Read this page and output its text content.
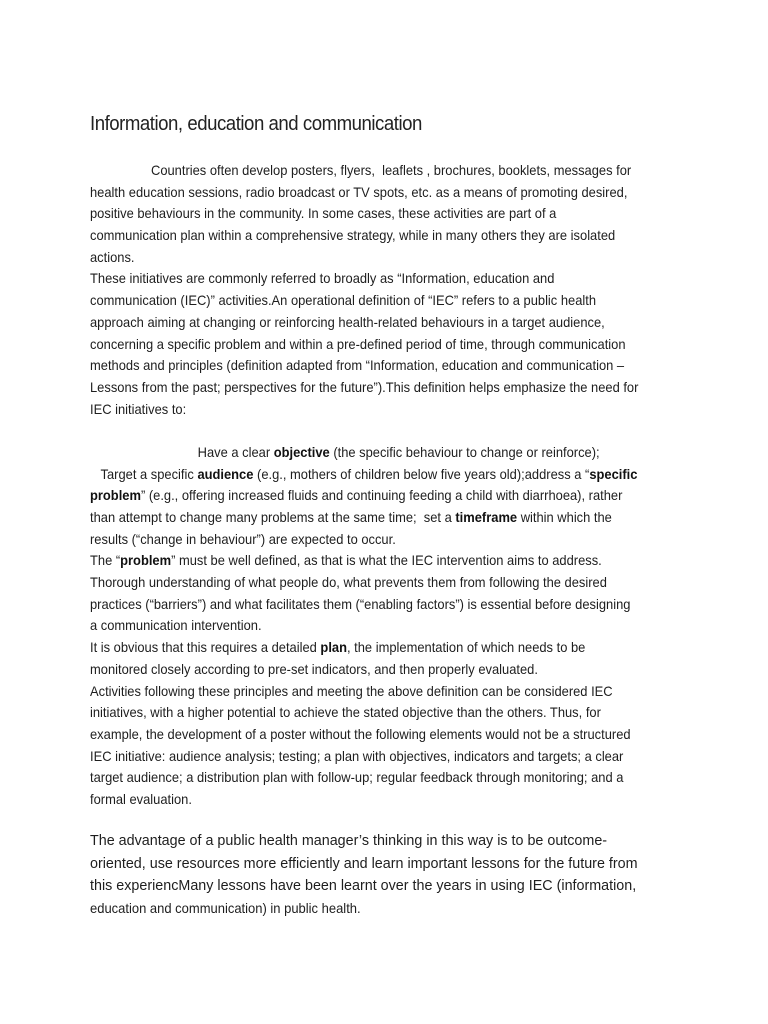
Information, education and communication
Countries often develop posters, flyers,  leaflets , brochures, booklets, messages for
health education sessions, radio broadcast or TV spots, etc. as a means of promoting desired,
positive behaviours in the community. In some cases, these activities are part of a
communication plan within a comprehensive strategy, while in many others they are isolated
actions.
These initiatives are commonly referred to broadly as “Information, education and
communication (IEC)” activities.An operational definition of “IEC” refers to a public health
approach aiming at changing or reinforcing health-related behaviours in a target audience,
concerning a specific problem and within a pre-defined period of time, through communication
methods and principles (definition adapted from “Information, education and communication –
Lessons from the past; perspectives for the future”).This definition helps emphasize the need for
IEC initiatives to:
Have a clear objective (the specific behaviour to change or reinforce);
Target a specific audience (e.g., mothers of children below five years old);address a “specific
problem” (e.g., offering increased fluids and continuing feeding a child with diarrhoea), rather
than attempt to change many problems at the same time;  set a timeframe within which the
results (“change in behaviour”) are expected to occur.
The “problem” must be well defined, as that is what the IEC intervention aims to address.
Thorough understanding of what people do, what prevents them from following the desired
practices (“barriers”) and what facilitates them (“enabling factors”) is essential before designing
a communication intervention.
It is obvious that this requires a detailed plan, the implementation of which needs to be
monitored closely according to pre-set indicators, and then properly evaluated.
Activities following these principles and meeting the above definition can be considered IEC
initiatives, with a higher potential to achieve the stated objective than the others. Thus, for
example, the development of a poster without the following elements would not be a structured
IEC initiative: audience analysis; testing; a plan with objectives, indicators and targets; a clear
target audience; a distribution plan with follow-up; regular feedback through monitoring; and a
formal evaluation.
The advantage of a public health manager’s thinking in this way is to be outcome-
oriented, use resources more efficiently and learn important lessons for the future from
this experiencMany lessons have been learnt over the years in using IEC (information,
education and communication) in public health.
